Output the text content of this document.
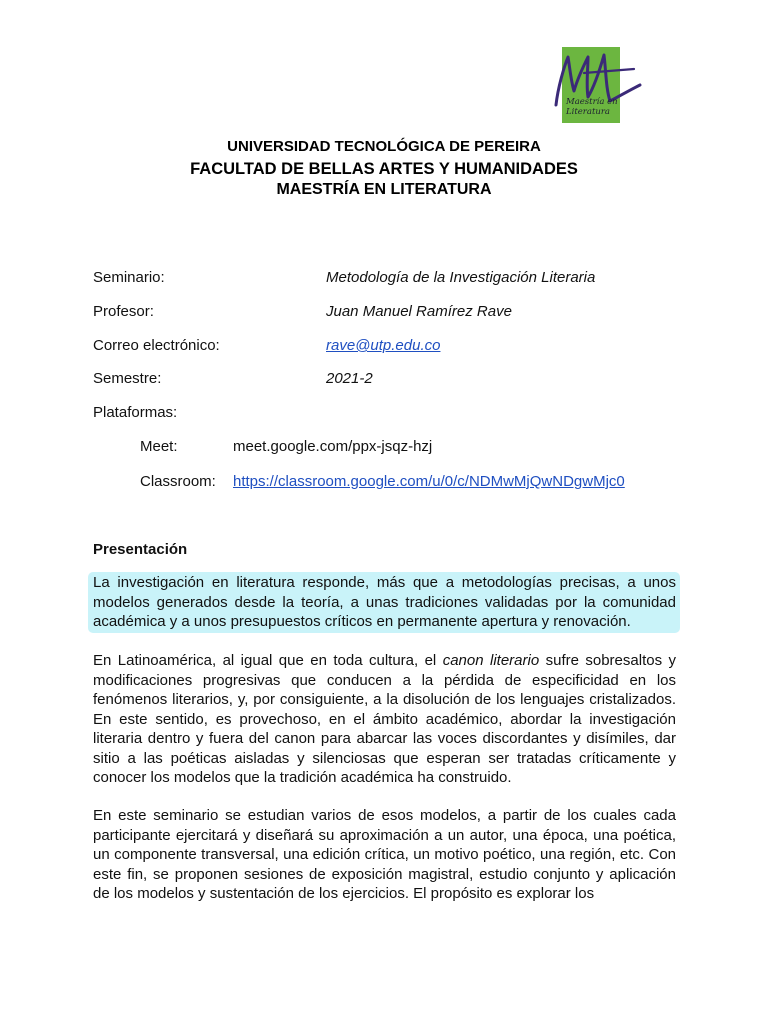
Maestría en
Literatura
UNIVERSIDAD TECNOLÓGICA DE PEREIRA
FACULTAD DE BELLAS ARTES Y HUMANIDADES
MAESTRÍA EN LITERATURA
Seminario:	Metodología de la Investigación Literaria
Profesor:	Juan Manuel Ramírez Rave
Correo electrónico:	rave@utp.edu.co
Semestre:	2021-2
Plataformas:
Meet:	meet.google.com/ppx-jsqz-hzj
Classroom: https://classroom.google.com/u/0/c/NDMwMjQwNDgwMjc0
Presentación

La investigación en literatura responde, más que a metodologías precisas, a unos modelos generados desde la teoría, a unas tradiciones validadas por la comunidad académica y a unos presupuestos críticos en permanente apertura y renovación.

En Latinoamérica, al igual que en toda cultura, el canon literario sufre sobresaltos y modificaciones progresivas que conducen a la pérdida de especificidad en los fenómenos literarios, y, por consiguiente, a la disolución de los lenguajes cristalizados. En este sentido, es provechoso, en el ámbito académico, abordar la investigación literaria dentro y fuera del canon para abarcar las voces discordantes y disímiles, dar sitio a las poéticas aisladas y silenciosas que esperan ser tratadas críticamente y conocer los modelos que la tradición académica ha construido.

En este seminario se estudian varios de esos modelos, a partir de los cuales cada participante ejercitará y diseñará su aproximación a un autor, una época, una poética, un componente transversal, una edición crítica, un motivo poético, una región, etc. Con este fin, se proponen sesiones de exposición magistral, estudio conjunto y aplicación de los modelos y sustentación de los ejercicios. El propósito es explorar los
